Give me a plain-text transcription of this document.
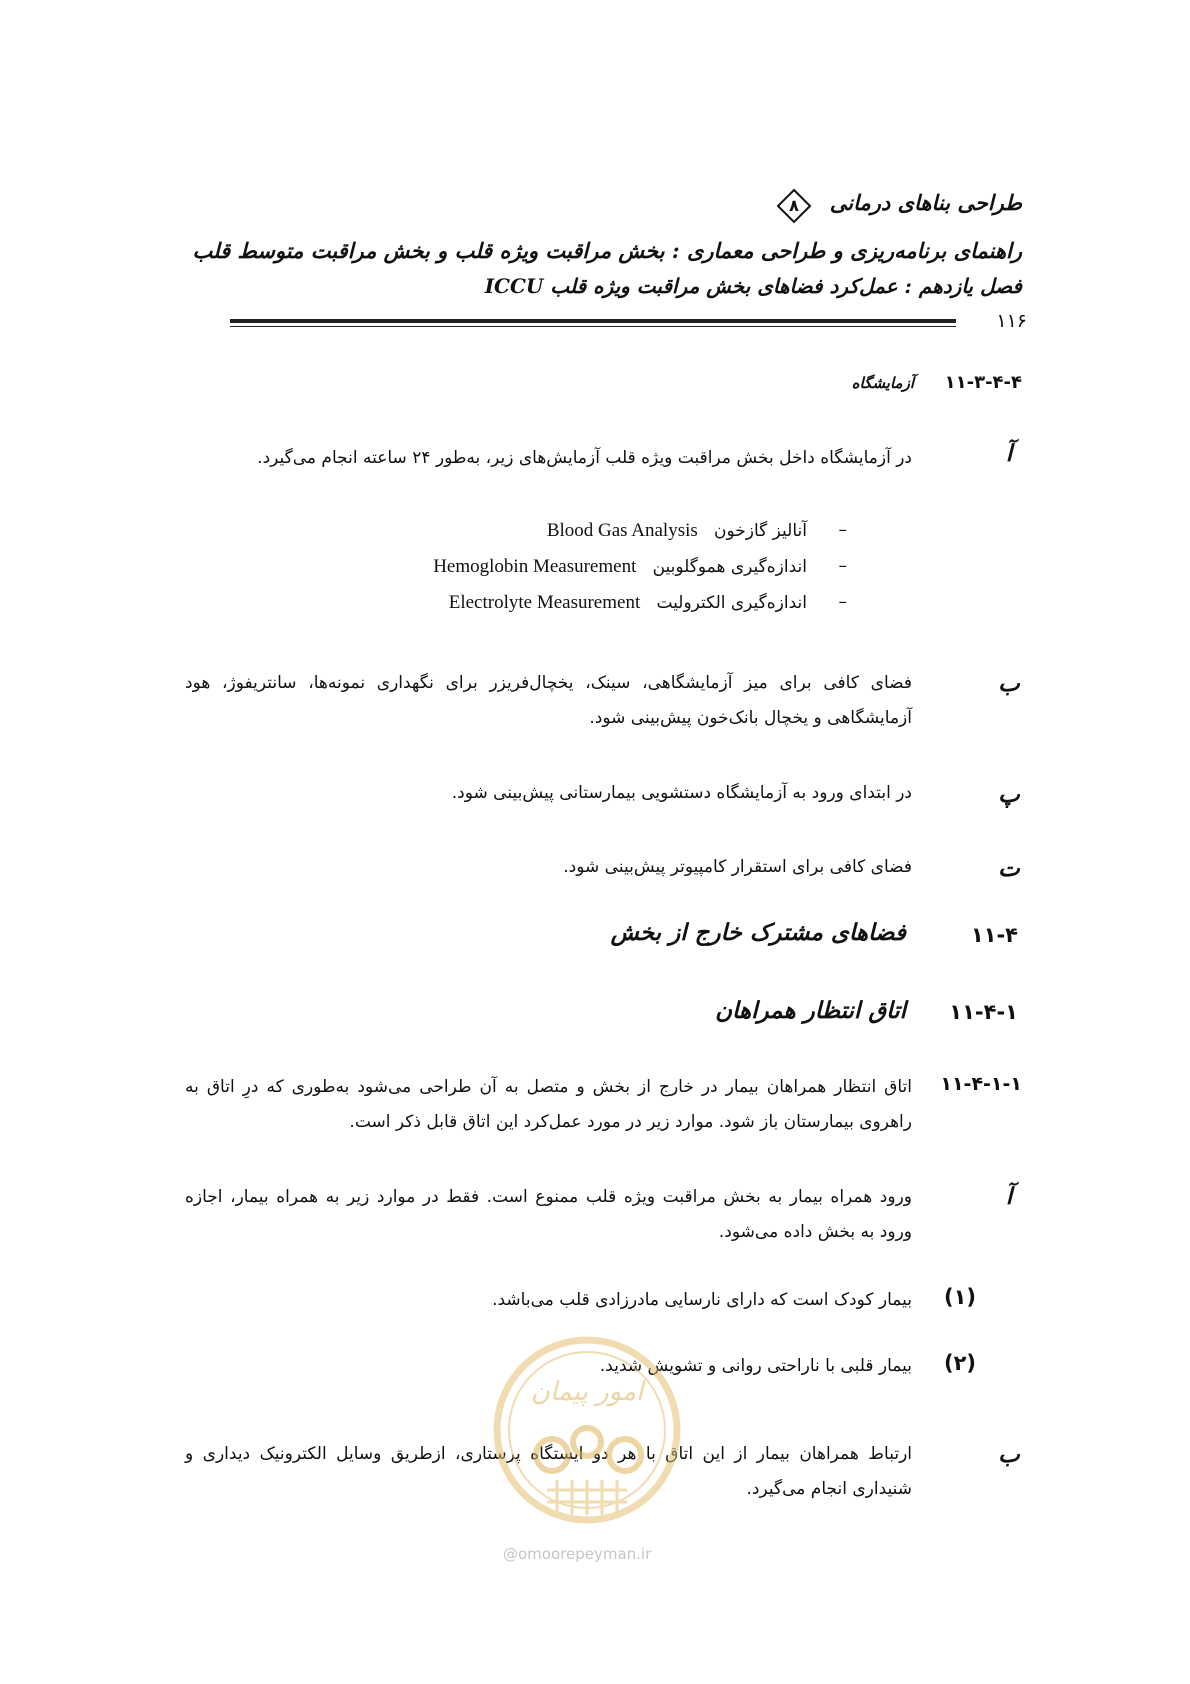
طراحی بناهای درمانی
۸
راهنمای برنامه‌ریزی و طراحی معماری : بخش مراقبت ویژه قلب و بخش مراقبت متوسط قلب
فصل یازدهم : عمل‌کرد فضاهای بخش مراقبت ویژه قلب ICCU
۱۱۶
۱۱-۳-۴-۴
آزمایشگاه
آ
در آزمایشگاه داخل بخش مراقبت ویژه قلب آزمایش‌های زیر، به‌طور ۲۴ ساعته انجام می‌گیرد.
–
آنالیز گازخون   Blood Gas Analysis
–
اندازه‌گیری هموگلوبین   Hemoglobin Measurement
–
اندازه‌گیری الکترولیت   Electrolyte Measurement
ب
فضای کافی برای میز آزمایشگاهی، سینک، یخچال‌فریزر برای نگهداری نمونه‌ها، سانتریفوژ، هود آزمایشگاهی و یخچال بانک‌خون پیش‌بینی شود.
پ
در ابتدای ورود به آزمایشگاه دستشویی بیمارستانی پیش‌بینی شود.
ت
فضای کافی برای استقرار کامپیوتر پیش‌بینی شود.
۱۱-۴
فضاهای مشترک خارج از بخش
۱۱-۴-۱
اتاق انتظار همراهان
۱۱-۴-۱-۱
اتاق انتظار همراهان بیمار در خارج از بخش و متصل به آن طراحی می‌شود به‌طوری که درِ اتاق به راهروی بیمارستان باز شود. موارد زیر در مورد عمل‌کرد این اتاق قابل ذکر است.
آ
ورود همراه بیمار به بخش مراقبت ویژه قلب ممنوع است. فقط در موارد زیر به همراه بیمار، اجازه ورود به بخش داده می‌شود.
(۱)
بیمار کودک است که دارای نارسایی مادرزادی قلب می‌باشد.
(۲)
بیمار قلبی با ناراحتی روانی و تشویش شدید.
ب
ارتباط همراهان بیمار از این اتاق با هر دو ایستگاه پرستاری، ازطریق وسایل الکترونیک دیداری و شنیداری انجام می‌گیرد.
امور پیمان
@omoorepeyman.ir
